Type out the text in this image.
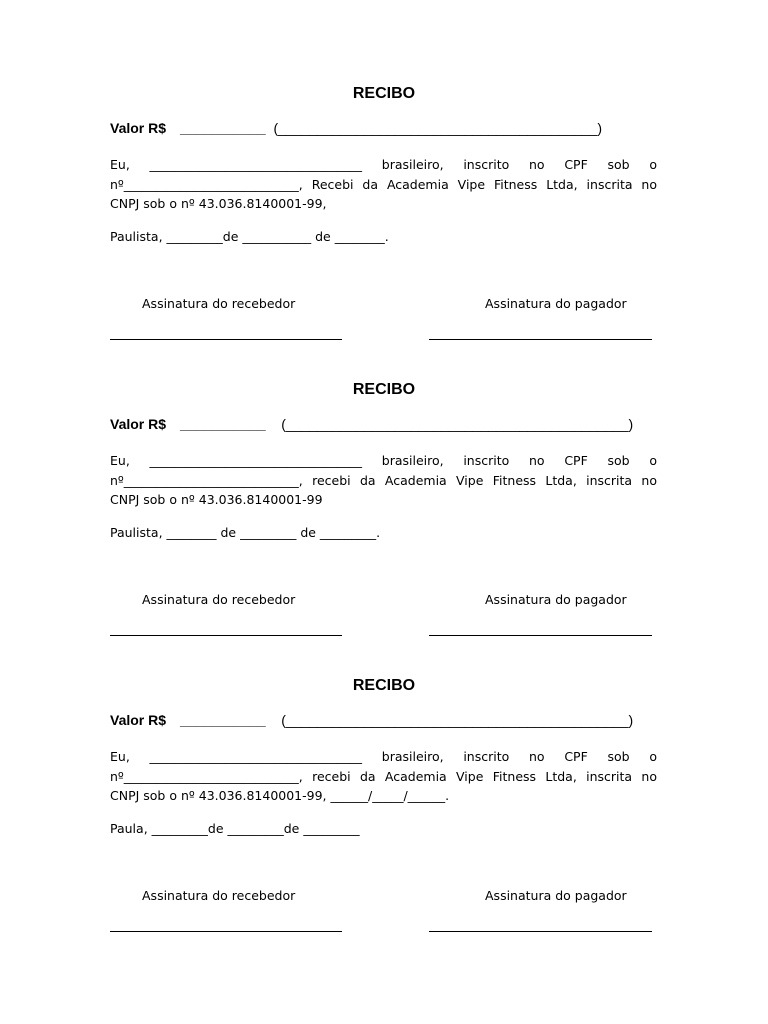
RECIBO
Valor R$ ___________ (_________________________________________)
Eu, __________________________________ brasileiro, inscrito no CPF sob o
nº____________________________, Recebi da Academia Vipe Fitness Ltda, inscrita no
CNPJ sob o nº 43.036.8140001-99,
Paulista, _________de ___________ de ________.
Assinatura do recebedor	Assinatura do pagador
RECIBO
Valor R$ ___________ (____________________________________________)
Eu, __________________________________ brasileiro, inscrito no CPF sob o
nº____________________________, recebi da Academia Vipe Fitness Ltda, inscrita no
CNPJ sob o nº 43.036.8140001-99
Paulista, ________ de _________ de _________.
Assinatura do recebedor	Assinatura do pagador
RECIBO
Valor R$ ___________ (____________________________________________)
Eu, __________________________________ brasileiro, inscrito no CPF sob o
nº____________________________, recebi da Academia Vipe Fitness Ltda, inscrita no
CNPJ sob o nº 43.036.8140001-99, ______/_____/______.
Paula, _________de _________de _________
Assinatura do recebedor	Assinatura do pagador
